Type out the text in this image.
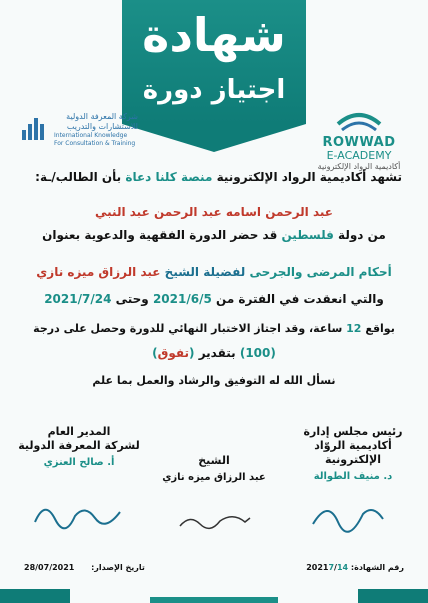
شهادة
اجتياز دورة
ROWWAD
E-ACADEMY
أكاديمية الرواد الإلكترونية
شركة المعرفة الدولية
للاستشارات والتدريب
International Knowledge
For Consultation & Training
تشهد أكاديمية الرواد الإلكترونية منصة كلنا دعاة بأن الطالب/ـة:
عبد الرحمن اسامه عبد الرحمن عبد النبي
من دولة فلسطين قد حضر الدورة الفقهية والدعوية بعنوان
أحكام المرضى والجرحى لفضيلة الشيخ عبد الرزاق ميزه نازي
والتي انعقدت في الفترة من 2021/6/5 وحتى 2021/7/24
بواقع 12 ساعة، وقد اجتاز الاختبار النهائي للدورة وحصل على درجة
(100) بتقدير (تفوق)
نسأل الله له التوفيق والرشاد والعمل بما علم
رئيس مجلس إدارة
أكاديمية الروّاد الإلكترونية
د. منيف الطوالة
الشيخ
عبد الرزاق ميزه نازي
المدير العام
لشركة المعرفة الدولية
أ. صالح العنزي
رقم الشهادة: 20217/14
تاريخ الإصدار:      28/07/2021
